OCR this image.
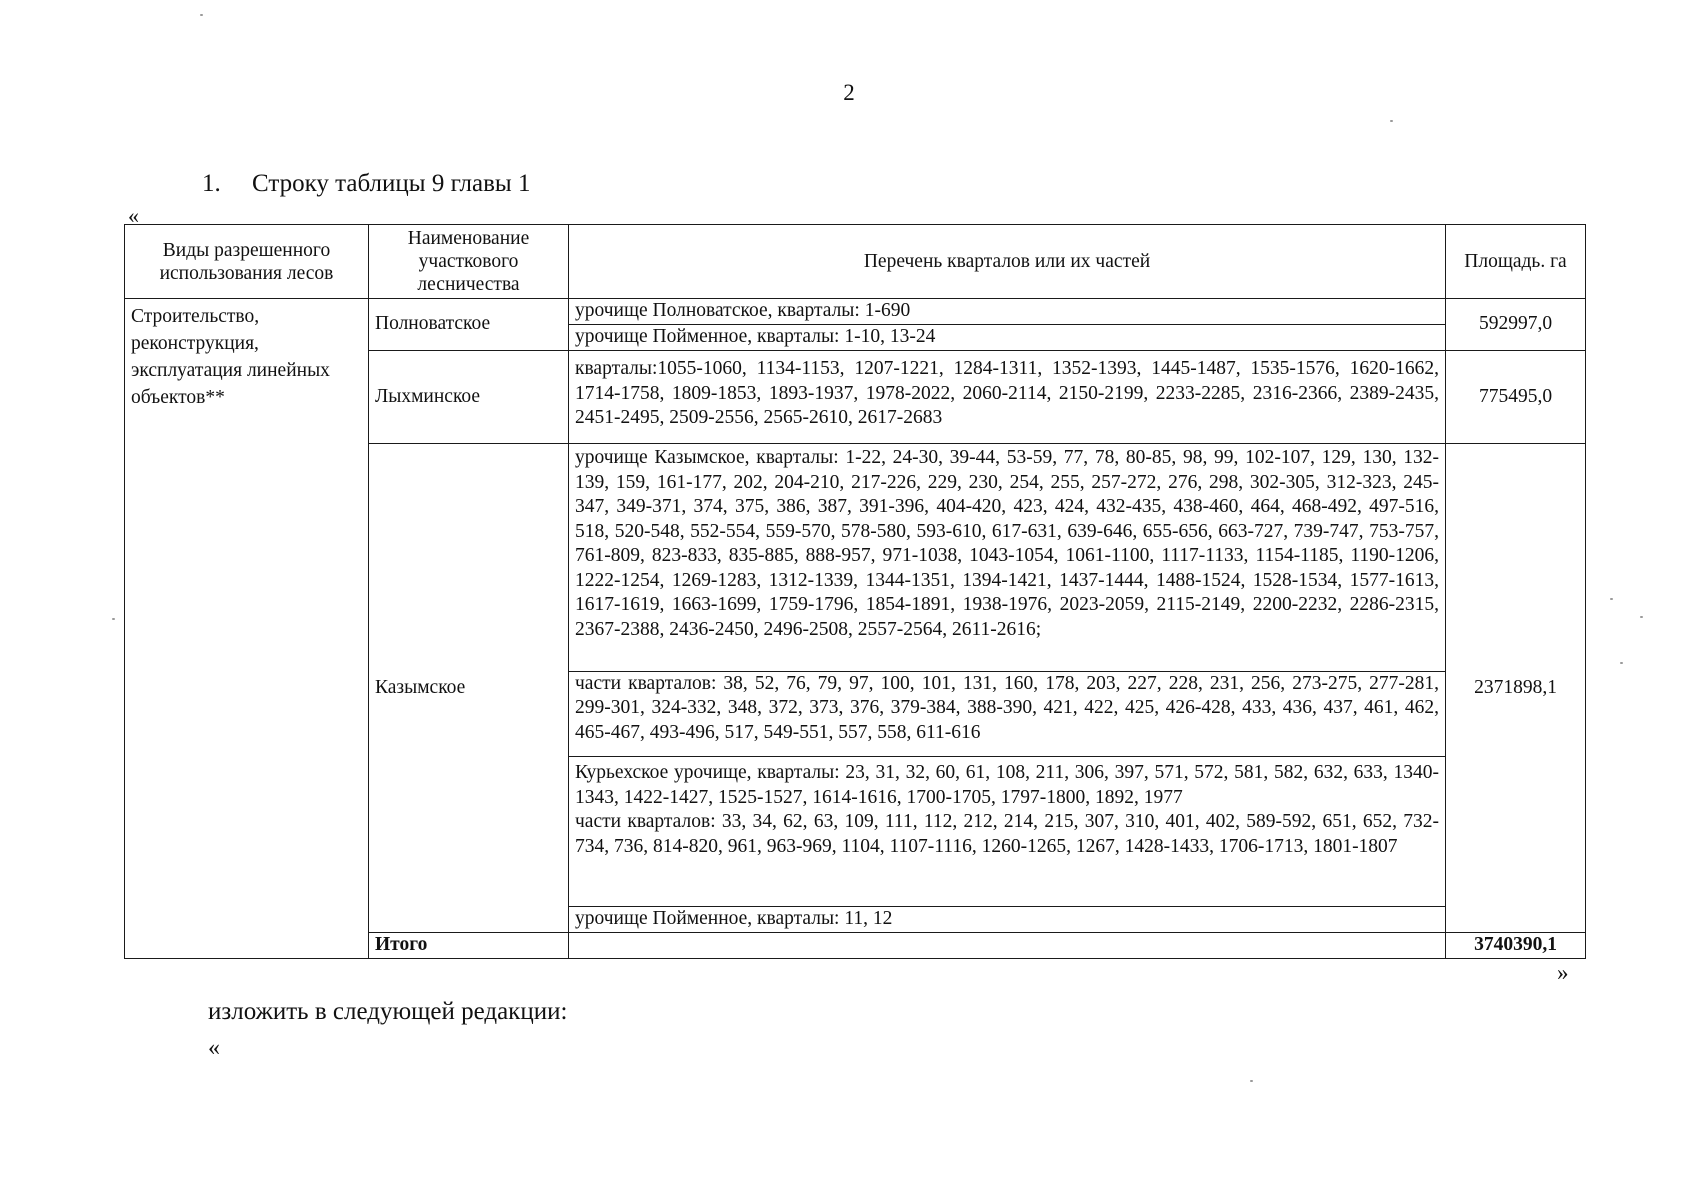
2
1. Строку таблицы 9 главы 1
«
Виды разрешенного использования лесов	Наименование участкового лесничества	Перечень кварталов или их частей	Площадь. га
Строительство, реконструкция, эксплуатация линейных объектов**	Полноватское	урочище Полноватское, кварталы: 1-690	592997,0
		урочище Пойменное, кварталы: 1-10, 13-24	
	Лыхминское	кварталы:1055-1060, 1134-1153, 1207-1221, 1284-1311, 1352-1393, 1445-1487, 1535-1576, 1620-1662, 1714-1758, 1809-1853, 1893-1937, 1978-2022, 2060-2114, 2150-2199, 2233-2285, 2316-2366, 2389-2435, 2451-2495, 2509-2556, 2565-2610, 2617-2683	775495,0
	Казымское	урочище Казымское, кварталы: 1-22, 24-30, 39-44, 53-59, 77, 78, 80-85, 98, 99, 102-107, 129, 130, 132-139, 159, 161-177, 202, 204-210, 217-226, 229, 230, 254, 255, 257-272, 276, 298, 302-305, 312-323, 245-347, 349-371, 374, 375, 386, 387, 391-396, 404-420, 423, 424, 432-435, 438-460, 464, 468-492, 497-516, 518, 520-548, 552-554, 559-570, 578-580, 593-610, 617-631, 639-646, 655-656, 663-727, 739-747, 753-757, 761-809, 823-833, 835-885, 888-957, 971-1038, 1043-1054, 1061-1100, 1117-1133, 1154-1185, 1190-1206, 1222-1254, 1269-1283, 1312-1339, 1344-1351, 1394-1421, 1437-1444, 1488-1524, 1528-1534, 1577-1613, 1617-1619, 1663-1699, 1759-1796, 1854-1891, 1938-1976, 2023-2059, 2115-2149, 2200-2232, 2286-2315, 2367-2388, 2436-2450, 2496-2508, 2557-2564, 2611-2616;	2371898,1
		части кварталов: 38, 52, 76, 79, 97, 100, 101, 131, 160, 178, 203, 227, 228, 231, 256, 273-275, 277-281, 299-301, 324-332, 348, 372, 373, 376, 379-384, 388-390, 421, 422, 425, 426-428, 433, 436, 437, 461, 462, 465-467, 493-496, 517, 549-551, 557, 558, 611-616	

		Курьехское урочище, кварталы: 23, 31, 32, 60, 61, 108, 211, 306, 397, 571, 572, 581, 582, 632, 633, 1340-1343, 1422-1427, 1525-1527, 1614-1616, 1700-1705, 1797-1800, 1892, 1977
части кварталов: 33, 34, 62, 63, 109, 111, 112, 212, 214, 215, 307, 310, 401, 402, 589-592, 651, 652, 732-734, 736, 814-820, 961, 963-969, 1104, 1107-1116, 1260-1265, 1267, 1428-1433, 1706-1713, 1801-1807	

		урочище Пойменное, кварталы: 11, 12	
	Итого		3740390,1
»
изложить в следующей редакции:
«
